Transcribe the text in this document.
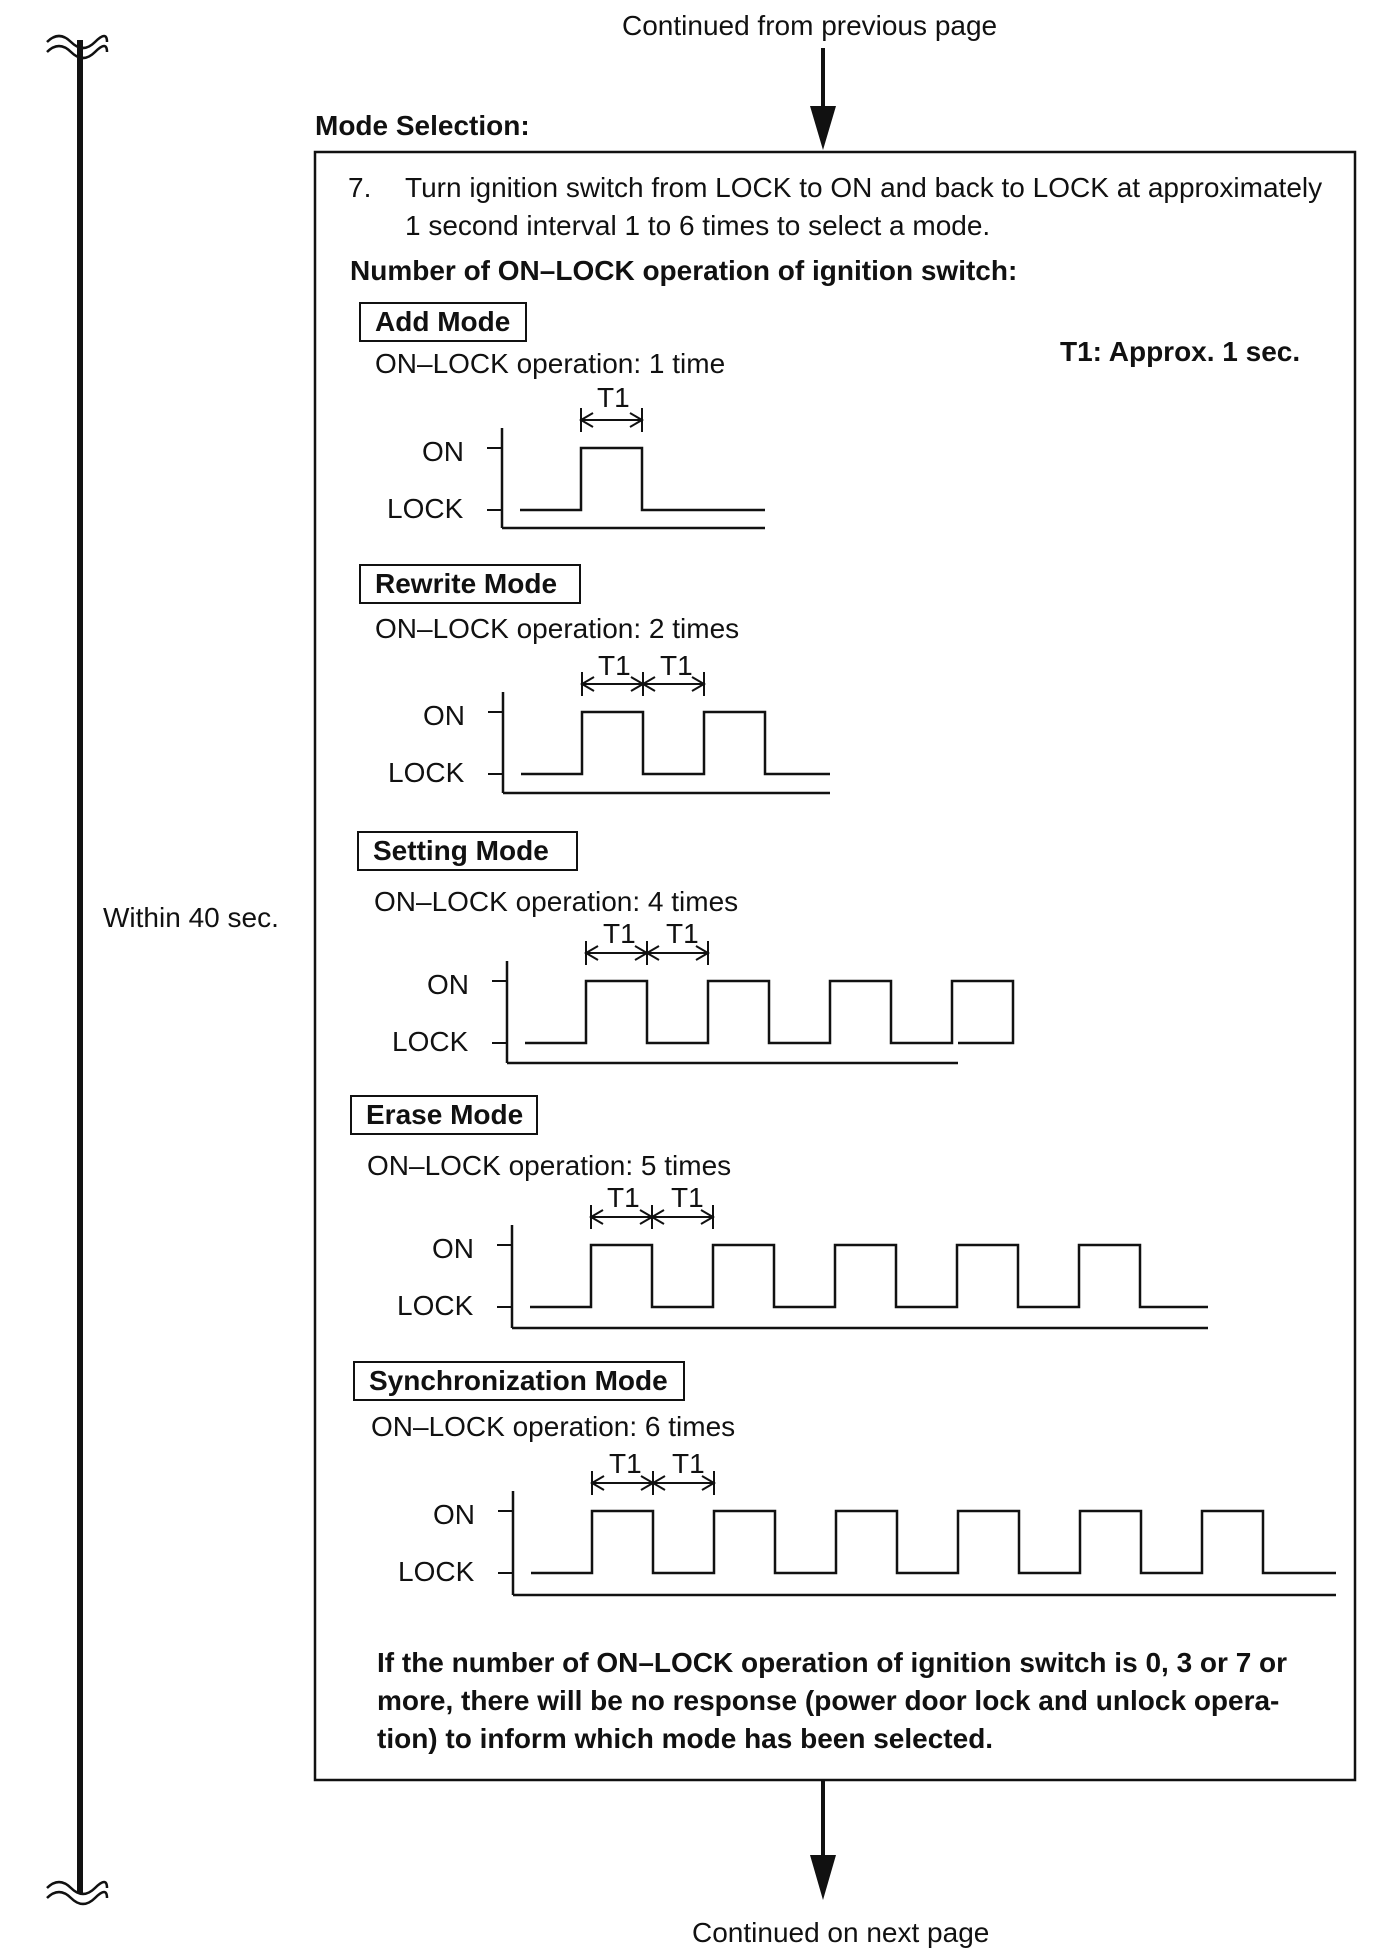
Continued from previous page
Within 40 sec.
Mode Selection:
7. Turn ignition switch from LOCK to ON and back to LOCK at approximately
1 second interval 1 to 6 times to select a mode.
Number of ON–LOCK operation of ignition switch:
T1: Approx. 1 sec.
Add Mode
ON–LOCK operation: 1 time
Rewrite Mode
ON–LOCK operation: 2 times
Setting Mode
ON–LOCK operation: 4 times
Erase Mode
ON–LOCK operation: 5 times
Synchronization Mode
ON–LOCK operation: 6 times
ON
LOCK
T1
ON
LOCK
T1 T1
ON
LOCK
T1 T1
ON
LOCK
T1 T1
ON
LOCK
T1 T1
If the number of ON–LOCK operation of ignition switch is 0, 3 or 7 or
more, there will be no response (power door lock and unlock opera-
tion) to inform which mode has been selected.
Continued on next page
